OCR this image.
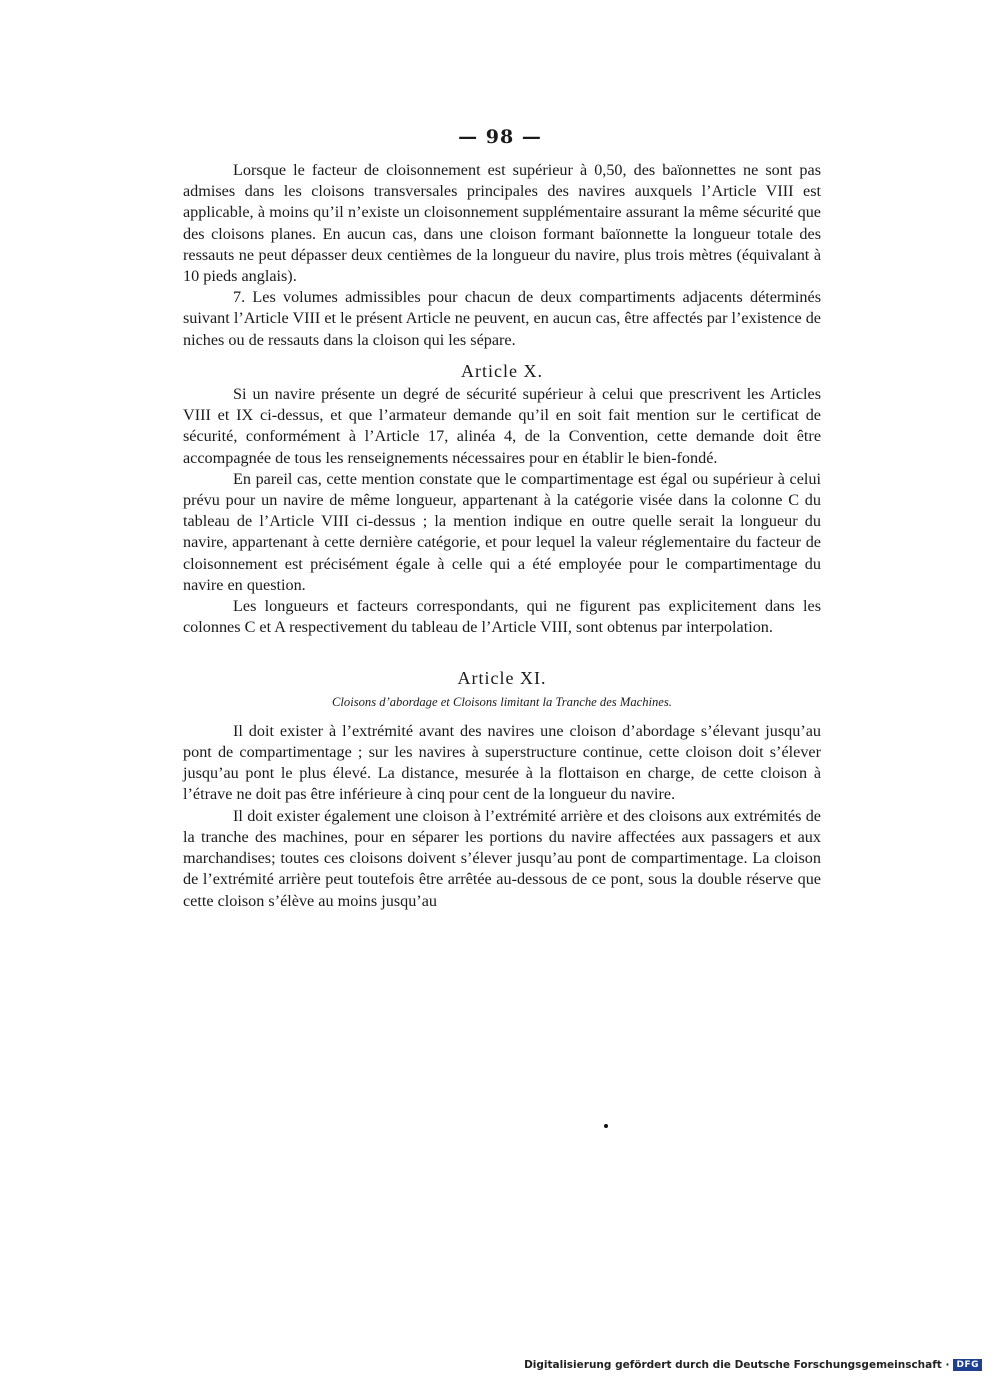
— 98 —

Lorsque le facteur de cloisonnement est supérieur à 0,50, des baïonnettes ne sont pas admises dans les cloisons transversales principales des navires auxquels l’Article VIII est applicable, à moins qu’il n’existe un cloisonnement supplémentaire assurant la même sécurité que des cloisons planes. En aucun cas, dans une cloison formant baïonnette la longueur totale des ressauts ne peut dépasser deux centièmes de la longueur du navire, plus trois mètres (équivalant à 10 pieds anglais).

7. Les volumes admissibles pour chacun de deux compartiments adjacents déterminés suivant l’Article VIII et le présent Article ne peuvent, en aucun cas, être affectés par l’existence de niches ou de ressauts dans la cloison qui les sépare.

Article X.

Si un navire présente un degré de sécurité supérieur à celui que prescrivent les Articles VIII et IX ci-dessus, et que l’armateur demande qu’il en soit fait mention sur le certificat de sécurité, conformément à l’Article 17, alinéa 4, de la Convention, cette demande doit être accompagnée de tous les renseignements nécessaires pour en établir le bien-fondé.

En pareil cas, cette mention constate que le compartimentage est égal ou supérieur à celui prévu pour un navire de même longueur, appartenant à la catégorie visée dans la colonne C du tableau de l’Article VIII ci-dessus ; la mention indique en outre quelle serait la longueur du navire, appartenant à cette dernière catégorie, et pour lequel la valeur réglementaire du facteur de cloisonnement est précisément égale à celle qui a été employée pour le compartimentage du navire en question.

Les longueurs et facteurs correspondants, qui ne figurent pas explicitement dans les colonnes C et A respectivement du tableau de l’Article VIII, sont obtenus par interpolation.

Article XI.
Cloisons d’abordage et Cloisons limitant la Tranche des Machines.

Il doit exister à l’extrémité avant des navires une cloison d’abordage s’élevant jusqu’au pont de compartimentage ; sur les navires à superstructure continue, cette cloison doit s’élever jusqu’au pont le plus élevé. La distance, mesurée à la flottaison en charge, de cette cloison à l’étrave ne doit pas être inférieure à cinq pour cent de la longueur du navire.

Il doit exister également une cloison à l’extrémité arrière et des cloisons aux extrémités de la tranche des machines, pour en séparer les portions du navire affectées aux passagers et aux marchandises; toutes ces cloisons doivent s’élever jusqu’au pont de compartimentage. La cloison de l’extrémité arrière peut toutefois être arrêtée au-dessous de ce pont, sous la double réserve que cette cloison s’élève au moins jusqu’au

Digitalisierung gefördert durch die Deutsche Forschungsgemeinschaft · DFG
